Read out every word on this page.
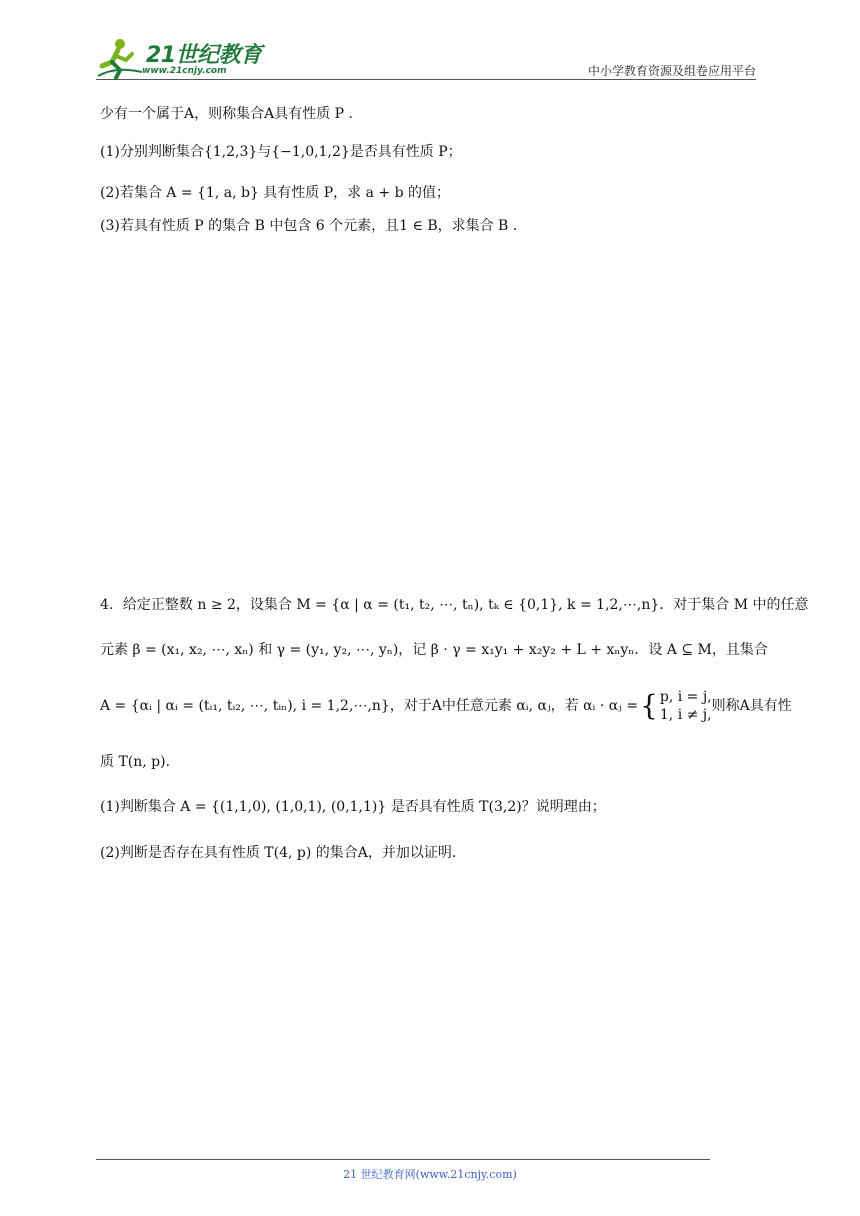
21世纪教育
www.21cnjy.com	中小学教育资源及组卷应用平台
少有一个属于A，则称集合A具有性质 P .
(1)分别判断集合{1,2,3}与{−1,0,1,2}是否具有性质 P；
(2)若集合 A = {1, a, b} 具有性质 P，求 a + b 的值；
(3)若具有性质 P 的集合 B 中包含 6 个元素，且1 ∈ B，求集合 B .
4．给定正整数 n ≥ 2，设集合 M = {α | α = (t₁, t₂, ⋯, tₙ), tₖ ∈ {0,1}, k = 1,2,⋯,n}．对于集合 M 中的任意
元素 β = (x₁, x₂, ⋯, xₙ) 和 γ = (y₁, y₂, ⋯, yₙ)，记 β · γ = x₁y₁ + x₂y₂ + L + xₙyₙ．设 A ⊆ M，且集合
A = {αᵢ | αᵢ = (tᵢ₁, tᵢ₂, ⋯, tᵢₙ), i = 1,2,⋯,n}，对于A中任意元素 αᵢ, αⱼ，若 αᵢ · αⱼ ={ p, i = j,
1, i ≠ j,则称A具有性
质 T(n, p)．
(1)判断集合 A = {(1,1,0), (1,0,1), (0,1,1)} 是否具有性质 T(3,2)？说明理由；
(2)判断是否存在具有性质 T(4, p) 的集合A，并加以证明．
21 世纪教育网(www.21cnjy.com)
